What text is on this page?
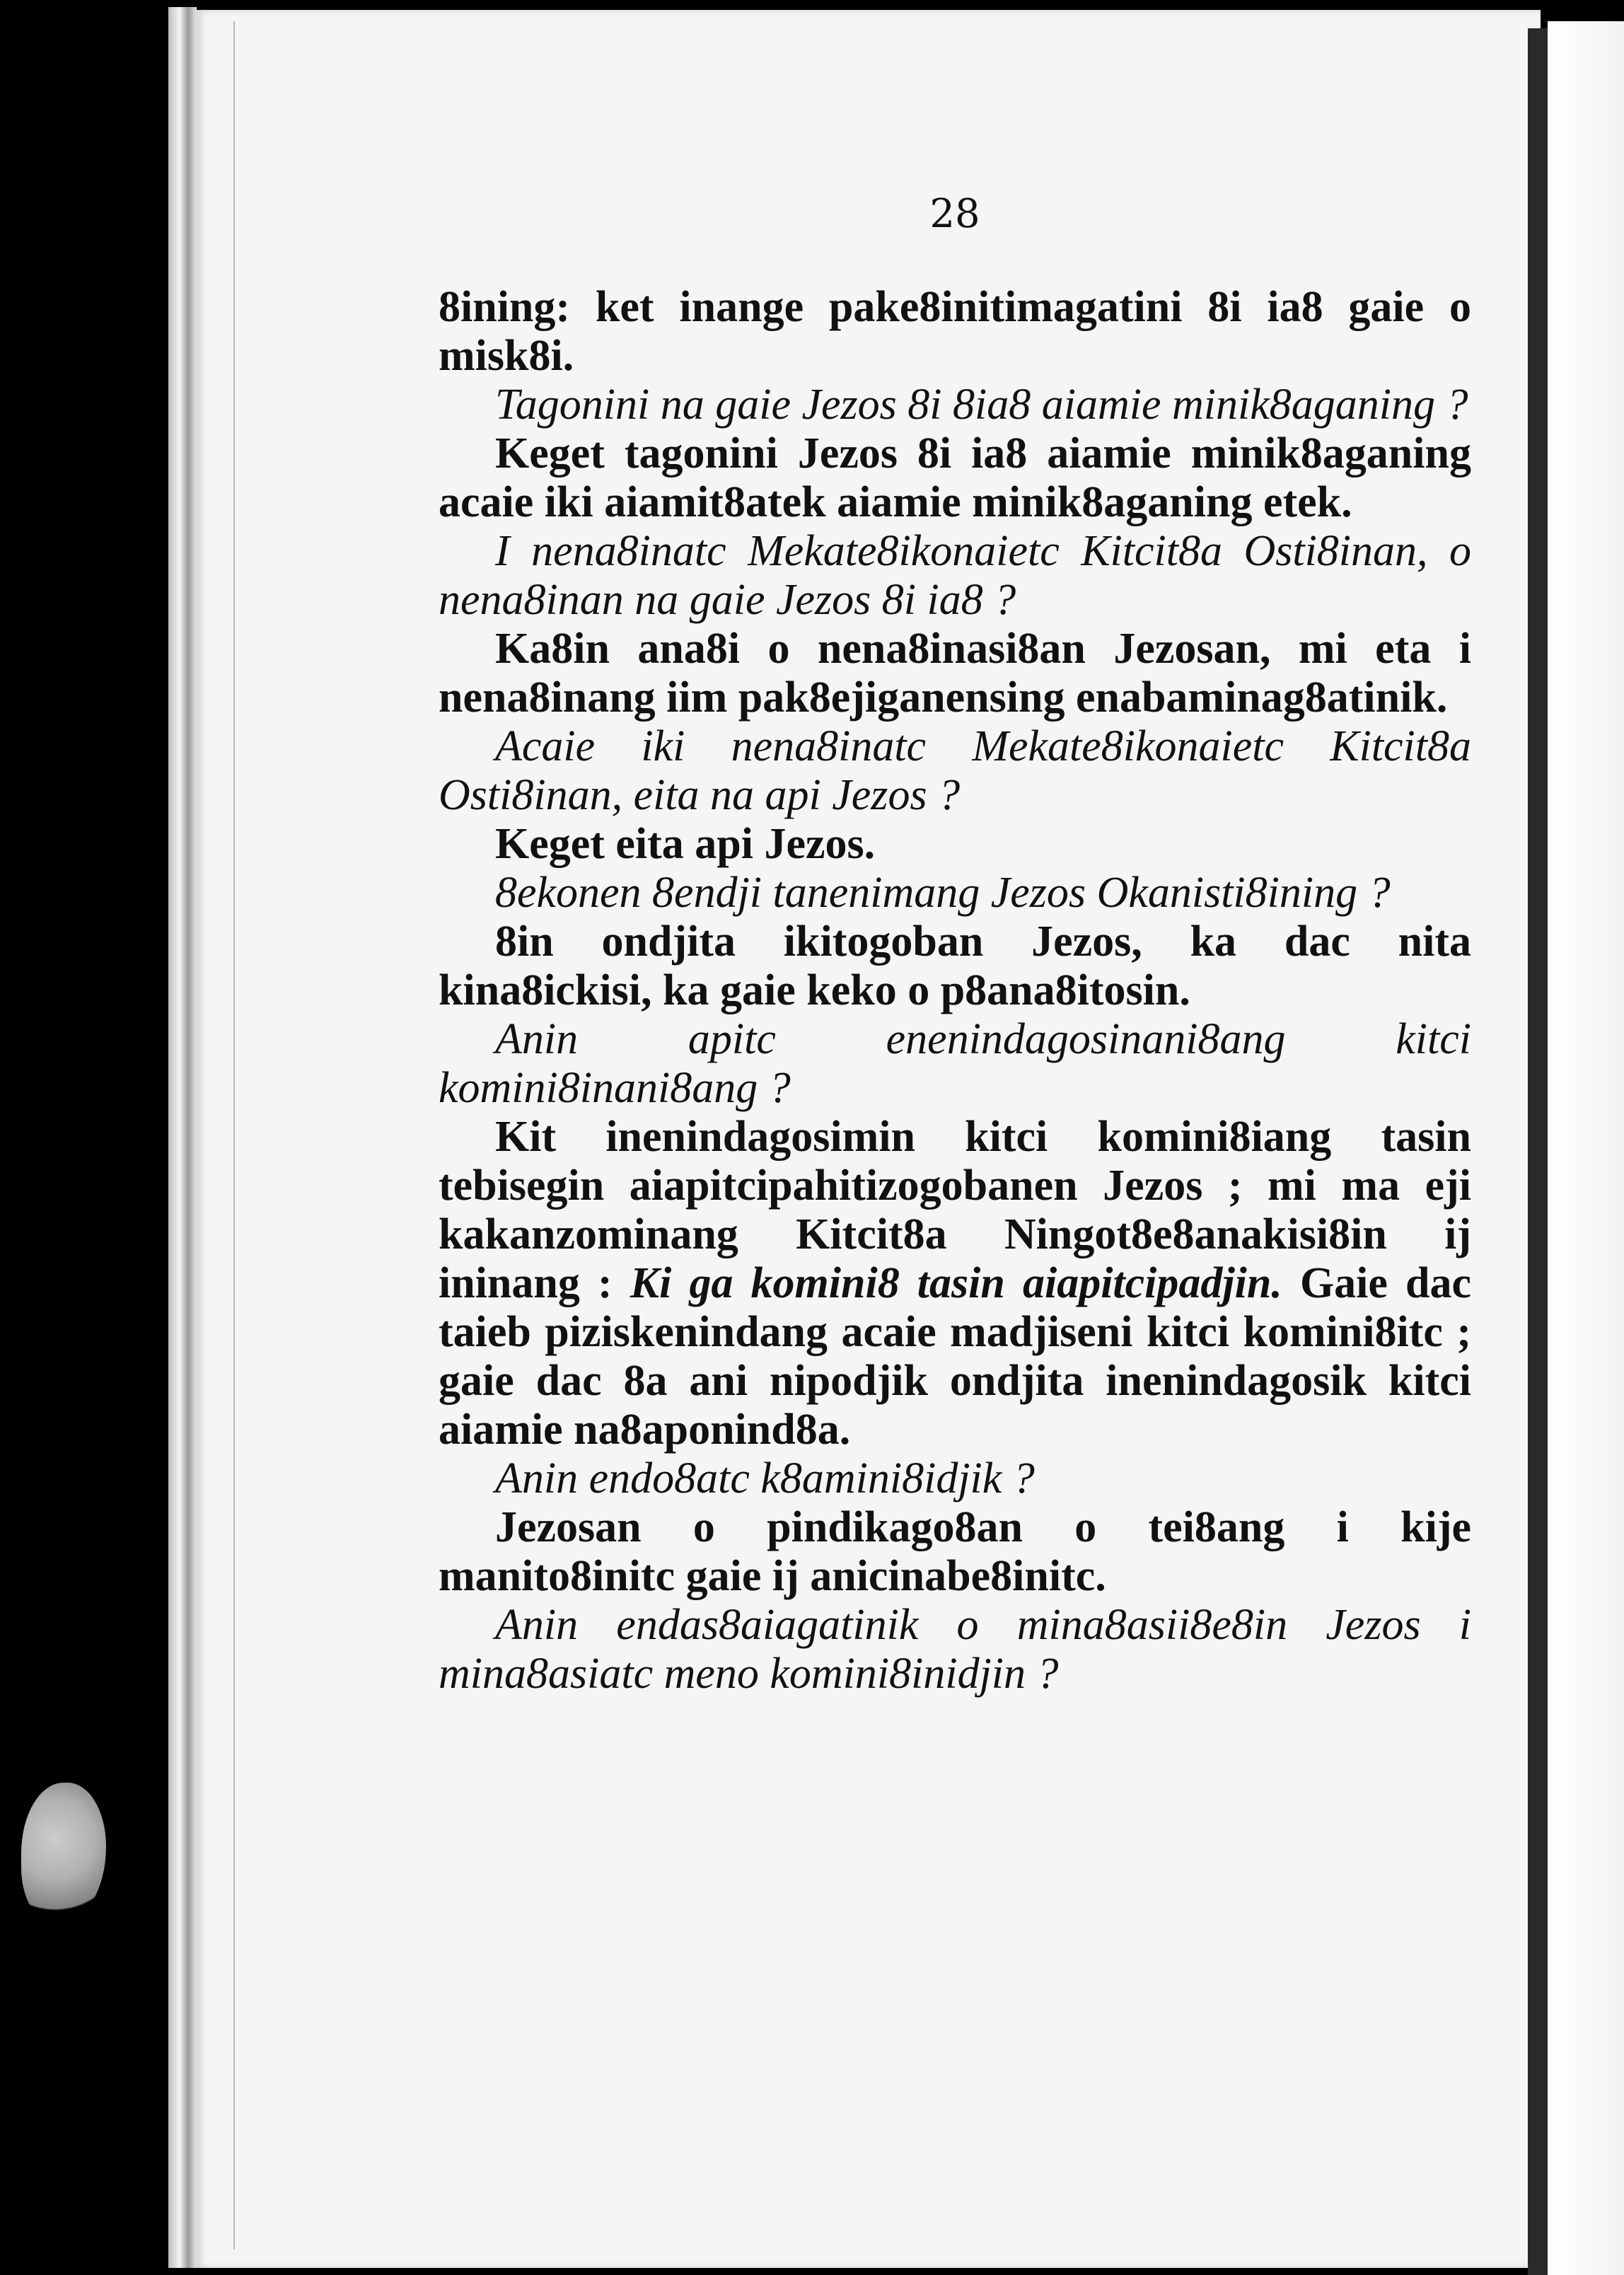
28

8ining: ket inange pake8initimagatini 8i ia8 gaie o misk8i.

Tagonini na gaie Jezos 8i 8ia8 aiamie minik8aganing ?

Keget tagonini Jezos 8i ia8 aiamie minik8aganing acaie iki aiamit8atek aiamie minik8aganing etek.

I nena8inatc Mekate8ikonaietc Kitcit8a Osti8inan, o nena8inan na gaie Jezos 8i ia8 ?

Ka8in ana8i o nena8inasi8an Jezosan, mi eta i nena8inang iim pak8ejiganensing enabaminag8atinik.

Acaie iki nena8inatc Mekate8ikonaietc Kitcit8a Osti8inan, eita na api Jezos ?

Keget eita api Jezos.

8ekonen 8endji tanenimang Jezos Okanisti8ining ?

8in ondjita ikitogoban Jezos, ka dac nita kina8ickisi, ka gaie keko o p8ana8itosin.

Anin apitc enenindagosinani8ang kitci komini8inani8ang ?

Kit inenindagosimin kitci komini8iang tasin tebisegin aiapitcipahitizogobanen Jezos ; mi ma eji kakanzominang Kitcit8a Ningot8e8anakisi8in ij ininang : Ki ga komini8 tasin aiapitcipadjin. Gaie dac taieb piziskenindang acaie madjiseni kitci komini8itc ; gaie dac 8a ani nipodjik ondjita inenindagosik kitci aiamie na8aponind8a.

Anin endo8atc k8amini8idjik ?

Jezosan o pindikago8an o tei8ang i kije manito8initc gaie ij anicinabe8initc.

Anin endas8aiagatinik o mina8asii8e8in Jezos i mina8asiatc meno komini8inidjin ?
